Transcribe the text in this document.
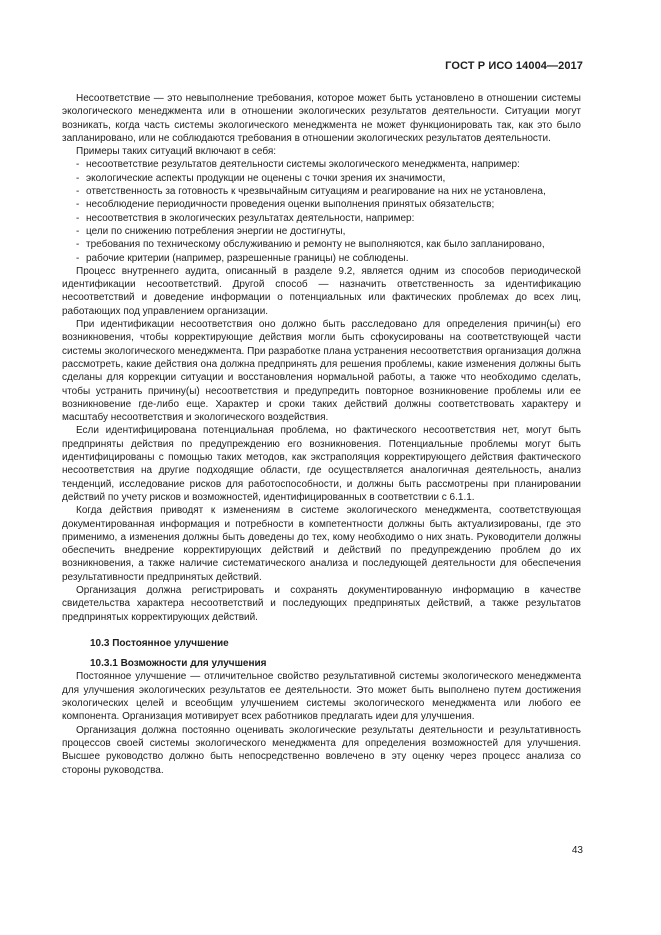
ГОСТ Р ИСО 14004—2017

Несоответствие — это невыполнение требования, которое может быть установлено в отношении системы экологического менеджмента или в отношении экологических результатов деятельности. Ситуации могут возникать, когда часть системы экологического менеджмента не может функционировать так, как это было запланировано, или не соблюдаются требования в отношении экологических результатов деятельности.

Примеры таких ситуаций включают в себя:

- несоответствие результатов деятельности системы экологического менеджмента, например:

- экологические аспекты продукции не оценены с точки зрения их значимости,

- ответственность за готовность к чрезвычайным ситуациям и реагирование на них не установлена,

- несоблюдение периодичности проведения оценки выполнения принятых обязательств;

- несоответствия в экологических результатах деятельности, например:

- цели по снижению потребления энергии не достигнуты,

- требования по техническому обслуживанию и ремонту не выполняются, как было запланировано,

- рабочие критерии (например, разрешенные границы) не соблюдены.

Процесс внутреннего аудита, описанный в разделе 9.2, является одним из способов периодической идентификации несоответствий. Другой способ — назначить ответственность за идентификацию несоответствий и доведение информации о потенциальных или фактических проблемах до всех лиц, работающих под управлением организации.

При идентификации несоответствия оно должно быть расследовано для определения причин(ы) его возникновения, чтобы корректирующие действия могли быть сфокусированы на соответствующей части системы экологического менеджмента. При разработке плана устранения несоответствия организация должна рассмотреть, какие действия она должна предпринять для решения проблемы, какие изменения должны быть сделаны для коррекции ситуации и восстановления нормальной работы, а также что необходимо сделать, чтобы устранить причину(ы) несоответствия и предупредить повторное возникновение проблемы или ее возникновение где-либо еще. Характер и сроки таких действий должны соответствовать характеру и масштабу несоответствия и экологического воздействия.

Если идентифицирована потенциальная проблема, но фактического несоответствия нет, могут быть предприняты действия по предупреждению его возникновения. Потенциальные проблемы могут быть идентифицированы с помощью таких методов, как экстраполяция корректирующего действия фактического несоответствия на другие подходящие области, где осуществляется аналогичная деятельность, анализ тенденций, исследование рисков для работоспособности, и должны быть рассмотрены при планировании действий по учету рисков и возможностей, идентифицированных в соответствии с 6.1.1.

Когда действия приводят к изменениям в системе экологического менеджмента, соответствующая документированная информация и потребности в компетентности должны быть актуализированы, где это применимо, а изменения должны быть доведены до тех, кому необходимо о них знать. Руководители должны обеспечить внедрение корректирующих действий и действий по предупреждению проблем до их возникновения, а также наличие систематического анализа и последующей деятельности для обеспечения результативности предпринятых действий.

Организация должна регистрировать и сохранять документированную информацию в качестве свидетельства характера несоответствий и последующих предпринятых действий, а также результатов предпринятых корректирующих действий.

10.3 Постоянное улучшение

10.3.1 Возможности для улучшения

Постоянное улучшение — отличительное свойство результативной системы экологического менеджмента для улучшения экологических результатов ее деятельности. Это может быть выполнено путем достижения экологических целей и всеобщим улучшением системы экологического менеджмента или любого ее компонента. Организация мотивирует всех работников предлагать идеи для улучшения.

Организация должна постоянно оценивать экологические результаты деятельности и результативность процессов своей системы экологического менеджмента для определения возможностей для улучшения. Высшее руководство должно быть непосредственно вовлечено в эту оценку через процесс анализа со стороны руководства.

43
